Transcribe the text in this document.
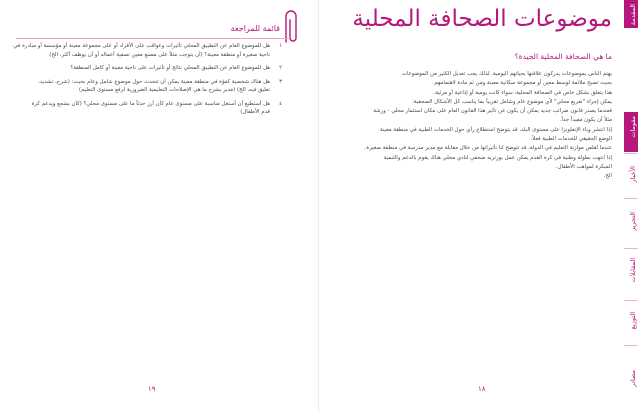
المقدمة
مقومات
الأخبار
التحرير
المقابلات
التوزيع
مصادر
موضوعات الصحافة المحلية
ما هي الصحافة المحلية الجيدة؟

يهتم الناس بموضوعات يدركون علاقتها بحياتهم اليومية. لذلك يجب تعديل الكثير من الموضوعات

بحيث تصبح ملائمة لوسط معين أو مجموعة سكانية معينة ومن ثم مادة لاهتمامهم.

هذا يتعلق بشكل خاص في الصحافة المحلية، سواء كانت يومية أو إذاعية أو مرئية.

يمكن إجراء "تفريع محلي" لأي موضوع عام وشامل تقريباً بما يناسب كل الأشكال الصحفية:

فعندما يصدر قانون ضرائب جديد يمكن أن يكون عن تأثير هذا القانون العام على مكان استثمار محلي - ورشة

مثلاً أن يكون مفيداً جداً.

إذا انتشر وباء الإنفلونزا على مستوى البلد، قد يتوضح استطلاع رأي حول الخدمات الطبية في منطقة معينة

الوضع الحقيقي للخدمات الطبية فعلاً.

عندما تُقلص موازنة التعليم في الدولة، قد تتوضح لنا تأثيراتها من خلال مقابلة مع مدير مدرسة في منطقة صغيرة.

إذا انتهت بطولة وطنية في كرة القدم يمكن عمل بورتريه صحفي لنادي محلي هناك يقوم بالدعم والتنمية

المبكرة لمواهب الأطفال.

الخ.

١٨
قائمة للمراجعة
١

هل للموضوع العام عن التطبيق المحلي تأثيرات وعواقب على الأفراد أو على مجموعة معينة أو مؤسسة أو مبادرة في

ناحية صغيرة أو منطقة معينة؟ (أن يتوجب مثلاً على مصنع معين تصفية أعماله أو أن يوظف أكثر، الخ)

٢

هل للموضوع العام عن التطبيق المحلي نتائج أو تأثيرات على ناحية معينة أو كامل المنطقة؟

٣

هل هناك شخصية كفؤة في منطقة معينة يمكن أن تتحدث حول موضوع شامل وعام بحيث: (شرح، تشديد،

تعليق فيه، الخ) (مدير يشرح ما هي الإصلاحات التعليمية الضرورية لرفع مستوى التعليم)

٤

هل أستطيع أن أستغل مناسبة على مستوى عام كأن أرز حدثاً ما على مستوى محلي؟ (كأن يشجع ويدعم كرة

قدم الأطفال)

١٩
